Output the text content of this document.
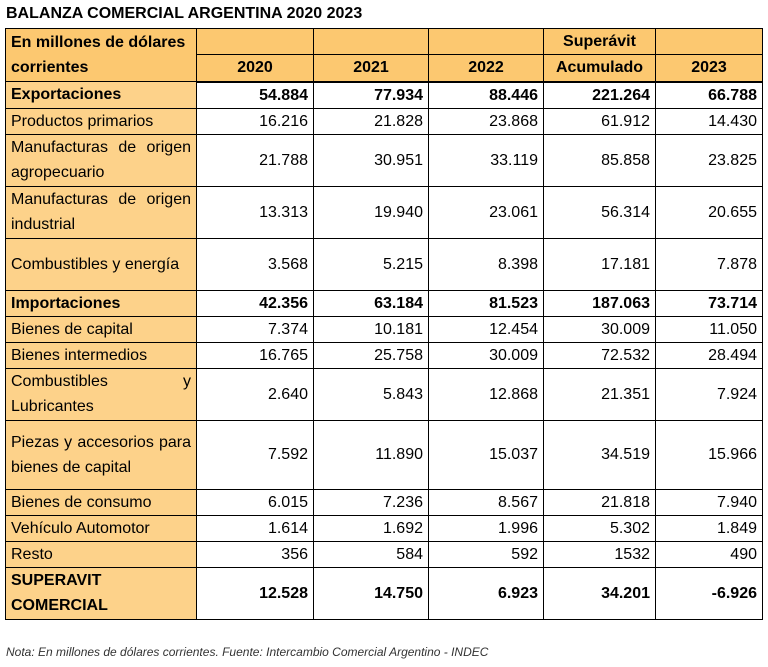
BALANZA COMERCIAL ARGENTINA 2020 2023
En millones de dólares corrientes				Superávit	
	2020	2021	2022	Acumulado	2023
Exportaciones	54.884	77.934	88.446	221.264	66.788
Productos primarios	16.216	21.828	23.868	61.912	14.430
Manufacturas de origen agropecuario	21.788	30.951	33.119	85.858	23.825
Manufacturas de origen industrial	13.313	19.940	23.061	56.314	20.655
Combustibles y energía	3.568	5.215	8.398	17.181	7.878
Importaciones	42.356	63.184	81.523	187.063	73.714
Bienes de capital	7.374	10.181	12.454	30.009	11.050
Bienes intermedios	16.765	25.758	30.009	72.532	28.494
Combustibles y Lubricantes	2.640	5.843	12.868	21.351	7.924
Piezas y accesorios para bienes de capital	7.592	11.890	15.037	34.519	15.966
Bienes de consumo	6.015	7.236	8.567	21.818	7.940
Vehículo Automotor	1.614	1.692	1.996	5.302	1.849
Resto	356	584	592	1532	490
SUPERAVIT COMERCIAL	12.528	14.750	6.923	34.201	-6.926
Nota: En millones de dólares corrientes. Fuente: Intercambio Comercial Argentino - INDEC
